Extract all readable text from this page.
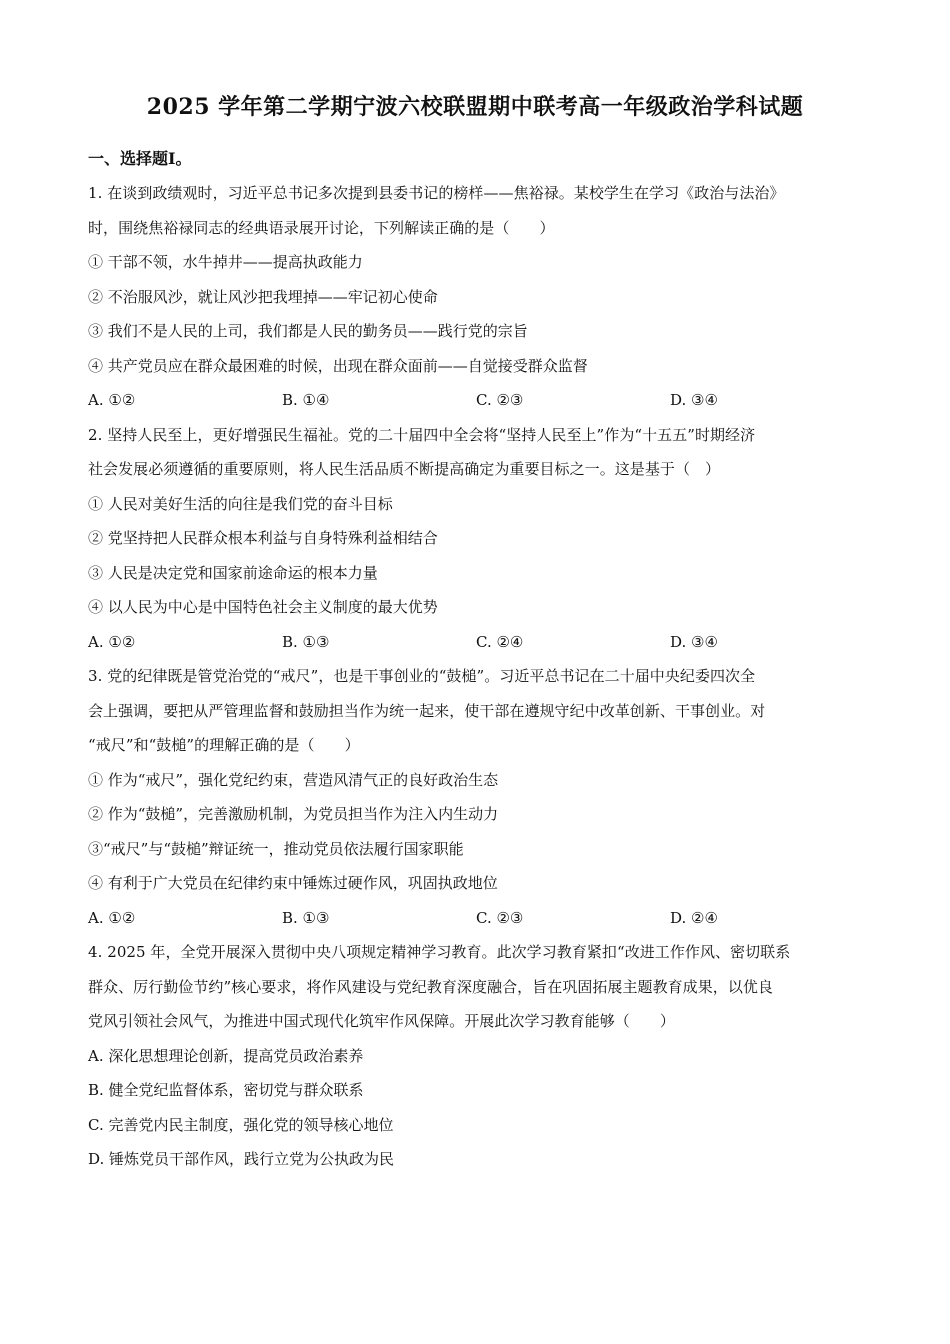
2025 学年第二学期宁波六校联盟期中联考高一年级政治学科试题
一、选择题Ⅰ。
1. 在谈到政绩观时，习近平总书记多次提到县委书记的榜样——焦裕禄。某校学生在学习《政治与法治》
时，围绕焦裕禄同志的经典语录展开讨论，下列解读正确的是（　　）
① 干部不领，水牛掉井——提高执政能力
② 不治服风沙，就让风沙把我埋掉——牢记初心使命
③ 我们不是人民的上司，我们都是人民的勤务员——践行党的宗旨
④ 共产党员应在群众最困难的时候，出现在群众面前——自觉接受群众监督
A. ①②	B. ①④	C. ②③	D. ③④
2. 坚持人民至上，更好增强民生福祉。党的二十届四中全会将“坚持人民至上”作为“十五五”时期经济
社会发展必须遵循的重要原则，将人民生活品质不断提高确定为重要目标之一。这是基于（　）
① 人民对美好生活的向往是我们党的奋斗目标
② 党坚持把人民群众根本利益与自身特殊利益相结合
③ 人民是决定党和国家前途命运的根本力量
④ 以人民为中心是中国特色社会主义制度的最大优势
A. ①②	B. ①③	C. ②④	D. ③④
3. 党的纪律既是管党治党的“戒尺”，也是干事创业的“鼓槌”。习近平总书记在二十届中央纪委四次全
会上强调，要把从严管理监督和鼓励担当作为统一起来，使干部在遵规守纪中改革创新、干事创业。对
“戒尺”和“鼓槌”的理解正确的是（　　）
① 作为“戒尺”，强化党纪约束，营造风清气正的良好政治生态
② 作为“鼓槌”，完善激励机制，为党员担当作为注入内生动力
③“戒尺”与“鼓槌”辩证统一，推动党员依法履行国家职能
④ 有利于广大党员在纪律约束中锤炼过硬作风，巩固执政地位
A. ①②	B. ①③	C. ②③	D. ②④
4. 2025 年，全党开展深入贯彻中央八项规定精神学习教育。此次学习教育紧扣“改进工作作风、密切联系
群众、厉行勤俭节约”核心要求，将作风建设与党纪教育深度融合，旨在巩固拓展主题教育成果，以优良
党风引领社会风气，为推进中国式现代化筑牢作风保障。开展此次学习教育能够（　　）
A. 深化思想理论创新，提高党员政治素养
B. 健全党纪监督体系，密切党与群众联系
C. 完善党内民主制度，强化党的领导核心地位
D. 锤炼党员干部作风，践行立党为公执政为民
